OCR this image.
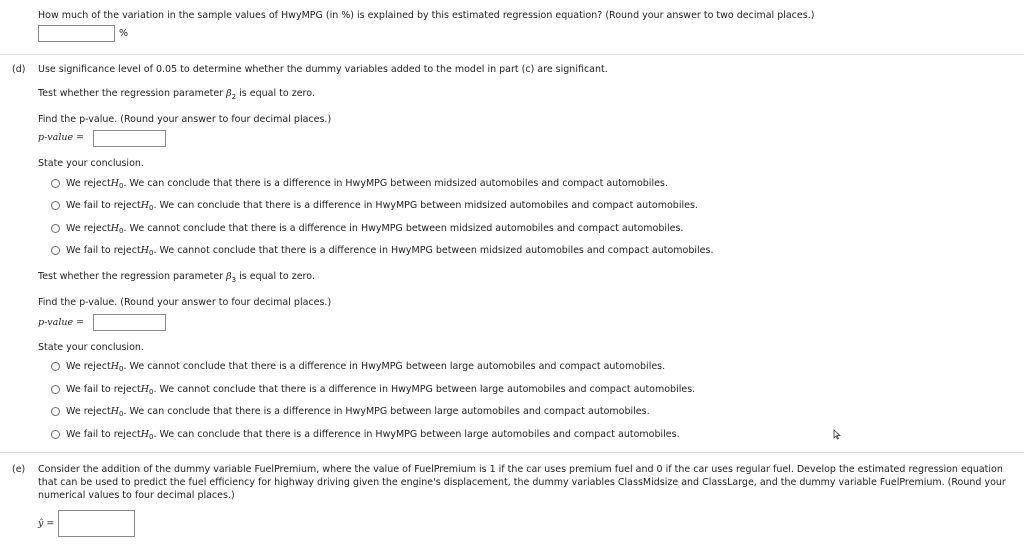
How much of the variation in the sample values of HwyMPG (in %) is explained by this estimated regression equation? (Round your answer to two decimal places.)
%
(d) Use significance level of 0.05 to determine whether the dummy variables added to the model in part (c) are significant.
Test whether the regression parameter $\beta_2$ is equal to zero.
Find the p-value. (Round your answer to four decimal places.)
p-value =
State your conclusion.
We reject H 0 . We can conclude that there is a difference in HwyMPG between midsized automobiles and compact automobiles.
We fail to reject H 0 . We can conclude that there is a difference in HwyMPG between midsized automobiles and compact automobiles.
We reject H 0 . We cannot conclude that there is a difference in HwyMPG between midsized automobiles and compact automobiles.
We fail to reject H 0 . We cannot conclude that there is a difference in HwyMPG between midsized automobiles and compact automobiles.
Test whether the regression parameter $\beta_3$ is equal to zero.
Find the p-value. (Round your answer to four decimal places.)
p-value =
State your conclusion.
We reject H 0 . We cannot conclude that there is a difference in HwyMPG between large automobiles and compact automobiles.
We fail to reject H 0 . We cannot conclude that there is a difference in HwyMPG between large automobiles and compact automobiles.
We reject H 0 . We can conclude that there is a difference in HwyMPG between large automobiles and compact automobiles.
We fail to reject H 0 . We can conclude that there is a difference in HwyMPG between large automobiles and compact automobiles.
(e) Consider the addition of the dummy variable FuelPremium, where the value of FuelPremium is 1 if the car uses premium fuel and 0 if the car uses regular fuel. Develop the estimated regression equation that can be used to predict the fuel efficiency for highway driving given the engine's displacement, the dummy variables ClassMidsize and ClassLarge, and the dummy variable FuelPremium. (Round your numerical values to four decimal places.)
ŷ =
